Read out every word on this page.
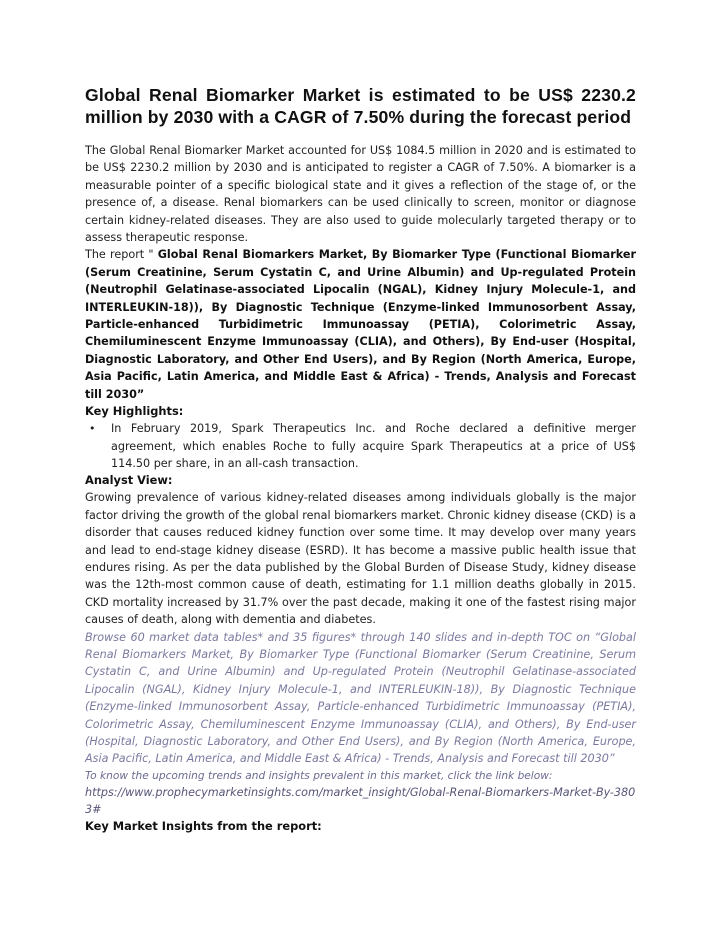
Global Renal Biomarker Market is estimated to be US$ 2230.2 million by 2030 with a CAGR of 7.50% during the forecast period

The Global Renal Biomarker Market accounted for US$ 1084.5 million in 2020 and is estimated to be US$ 2230.2 million by 2030 and is anticipated to register a CAGR of 7.50%. A biomarker is a measurable pointer of a specific biological state and it gives a reflection of the stage of, or the presence of, a disease. Renal biomarkers can be used clinically to screen, monitor or diagnose certain kidney-related diseases. They are also used to guide molecularly targeted therapy or to assess therapeutic response.

The report " Global Renal Biomarkers Market, By Biomarker Type (Functional Biomarker (Serum Creatinine, Serum Cystatin C, and Urine Albumin) and Up-regulated Protein (Neutrophil Gelatinase-associated Lipocalin (NGAL), Kidney Injury Molecule-1, and INTERLEUKIN-18)), By Diagnostic Technique (Enzyme-linked Immunosorbent Assay, Particle-enhanced Turbidimetric Immunoassay (PETIA), Colorimetric Assay, Chemiluminescent Enzyme Immunoassay (CLIA), and Others), By End-user (Hospital, Diagnostic Laboratory, and Other End Users), and By Region (North America, Europe, Asia Pacific, Latin America, and Middle East & Africa) - Trends, Analysis and Forecast till 2030”

Key Highlights:

• In February 2019, Spark Therapeutics Inc. and Roche declared a definitive merger agreement, which enables Roche to fully acquire Spark Therapeutics at a price of US$ 114.50 per share, in an all-cash transaction.

Analyst View:

Growing prevalence of various kidney-related diseases among individuals globally is the major factor driving the growth of the global renal biomarkers market. Chronic kidney disease (CKD) is a disorder that causes reduced kidney function over some time. It may develop over many years and lead to end-stage kidney disease (ESRD). It has become a massive public health issue that endures rising. As per the data published by the Global Burden of Disease Study, kidney disease was the 12th-most common cause of death, estimating for 1.1 million deaths globally in 2015. CKD mortality increased by 31.7% over the past decade, making it one of the fastest rising major causes of death, along with dementia and diabetes.

Browse 60 market data tables* and 35 figures* through 140 slides and in-depth TOC on “Global Renal Biomarkers Market, By Biomarker Type (Functional Biomarker (Serum Creatinine, Serum Cystatin C, and Urine Albumin) and Up-regulated Protein (Neutrophil Gelatinase-associated Lipocalin (NGAL), Kidney Injury Molecule-1, and INTERLEUKIN-18)), By Diagnostic Technique (Enzyme-linked Immunosorbent Assay, Particle-enhanced Turbidimetric Immunoassay (PETIA), Colorimetric Assay, Chemiluminescent Enzyme Immunoassay (CLIA), and Others), By End-user (Hospital, Diagnostic Laboratory, and Other End Users), and By Region (North America, Europe, Asia Pacific, Latin America, and Middle East & Africa) - Trends, Analysis and Forecast till 2030”

To know the upcoming trends and insights prevalent in this market, click the link below:

https://www.prophecymarketinsights.com/market_insight/Global-Renal-Biomarkers-Market-By-3803#

Key Market Insights from the report:
